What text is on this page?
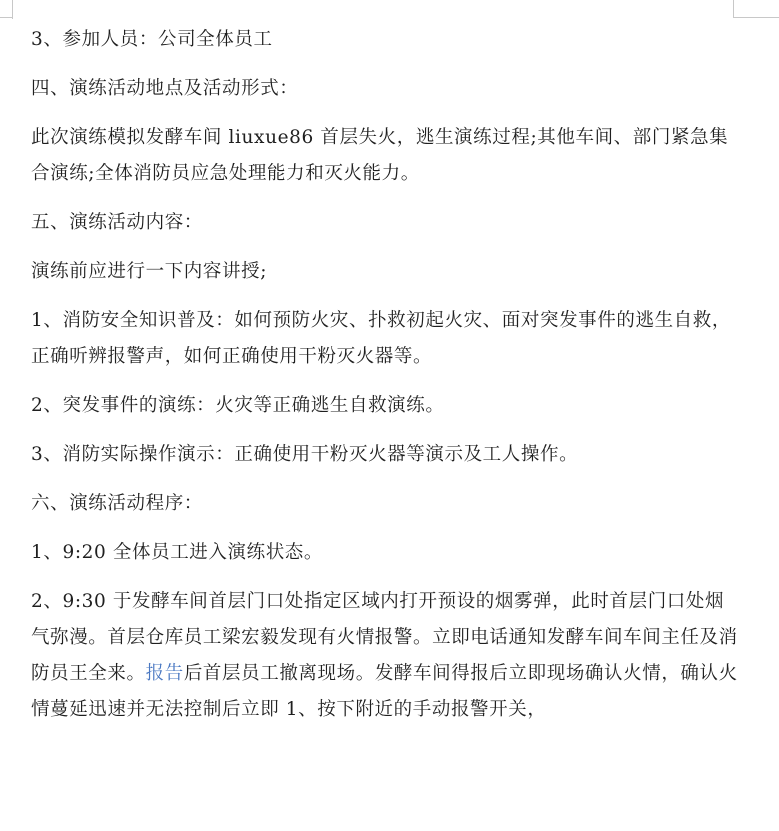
3、参加人员：公司全体员工

四、演练活动地点及活动形式：

此次演练模拟发酵车间 liuxue86 首层失火，逃生演练过程;其他车间、部门紧急集合演练;全体消防员应急处理能力和灭火能力。

五、演练活动内容：

演练前应进行一下内容讲授;

1、消防安全知识普及：如何预防火灾、扑救初起火灾、面对突发事件的逃生自救，正确听辨报警声，如何正确使用干粉灭火器等。

2、突发事件的演练：火灾等正确逃生自救演练。

3、消防实际操作演示：正确使用干粉灭火器等演示及工人操作。

六、演练活动程序：

1、9:20 全体员工进入演练状态。

2、9:30 于发酵车间首层门口处指定区域内打开预设的烟雾弹，此时首层门口处烟气弥漫。首层仓库员工梁宏毅发现有火情报警。立即电话通知发酵车间车间主任及消防员王全来。报告后首层员工撤离现场。发酵车间得报后立即现场确认火情，确认火情蔓延迅速并无法控制后立即 1、按下附近的手动报警开关，
